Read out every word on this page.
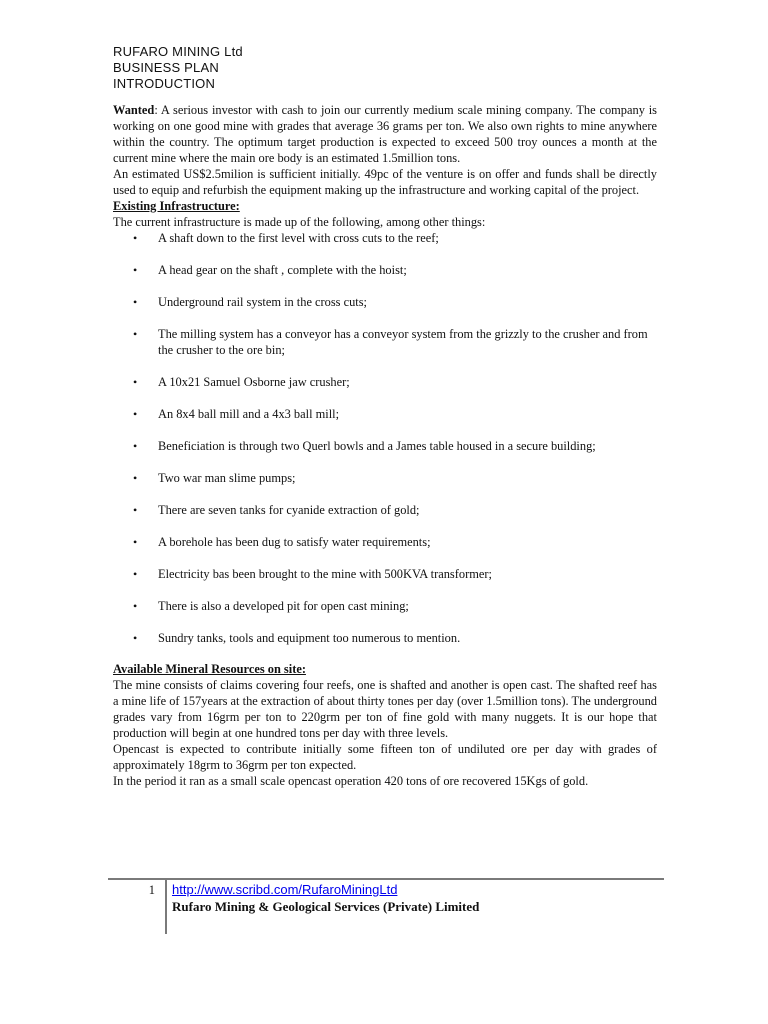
RUFARO MINING Ltd
BUSINESS PLAN
INTRODUCTION

Wanted: A serious investor with cash to join our currently medium scale mining company. The company is working on one good mine with grades that average 36 grams per ton. We also own rights to mine anywhere within the country. The optimum target production is expected to exceed 500 troy ounces a month at the current mine where the main ore body is an estimated 1.5million tons.

An estimated US$2.5milion is sufficient initially. 49pc of the venture is on offer and funds shall be directly used to equip and refurbish the equipment making up the infrastructure and working capital of the project.

Existing Infrastructure:

The current infrastructure is made up of the following, among other things:

• A shaft down to the first level with cross cuts to the reef;
• A head gear on the shaft , complete with the hoist;
• Underground rail system in the cross cuts;
• The milling system has a conveyor has a conveyor system from the grizzly to the crusher and from the crusher to the ore bin;
• A 10x21 Samuel Osborne jaw crusher;
• An 8x4 ball mill and a 4x3 ball mill;
• Beneficiation is through two Querl bowls and a James table housed in a secure building;
• Two war man slime pumps;
• There are seven tanks for cyanide extraction of gold;
• A borehole has been dug to satisfy water requirements;
• Electricity bas been brought to the mine with 500KVA transformer;
• There is also a developed pit for open cast mining;
• Sundry tanks, tools and equipment too numerous to mention.
Available Mineral Resources on site:

The mine consists of claims covering four reefs, one is shafted and another is open cast. The shafted reef has a mine life of 157years at the extraction of about thirty tones per day (over 1.5million tons). The underground grades vary from 16grm per ton to 220grm per ton of fine gold with many nuggets. It is our hope that production will begin at one hundred tons per day with three levels.

Opencast is expected to contribute initially some fifteen ton of undiluted ore per day with grades of approximately 18grm to 36grm per ton expected.

In the period it ran as a small scale opencast operation 420 tons of ore recovered 15Kgs of gold.

1	http://www.scribd.com/RufaroMiningLtd
Rufaro Mining & Geological Services (Private) Limited
